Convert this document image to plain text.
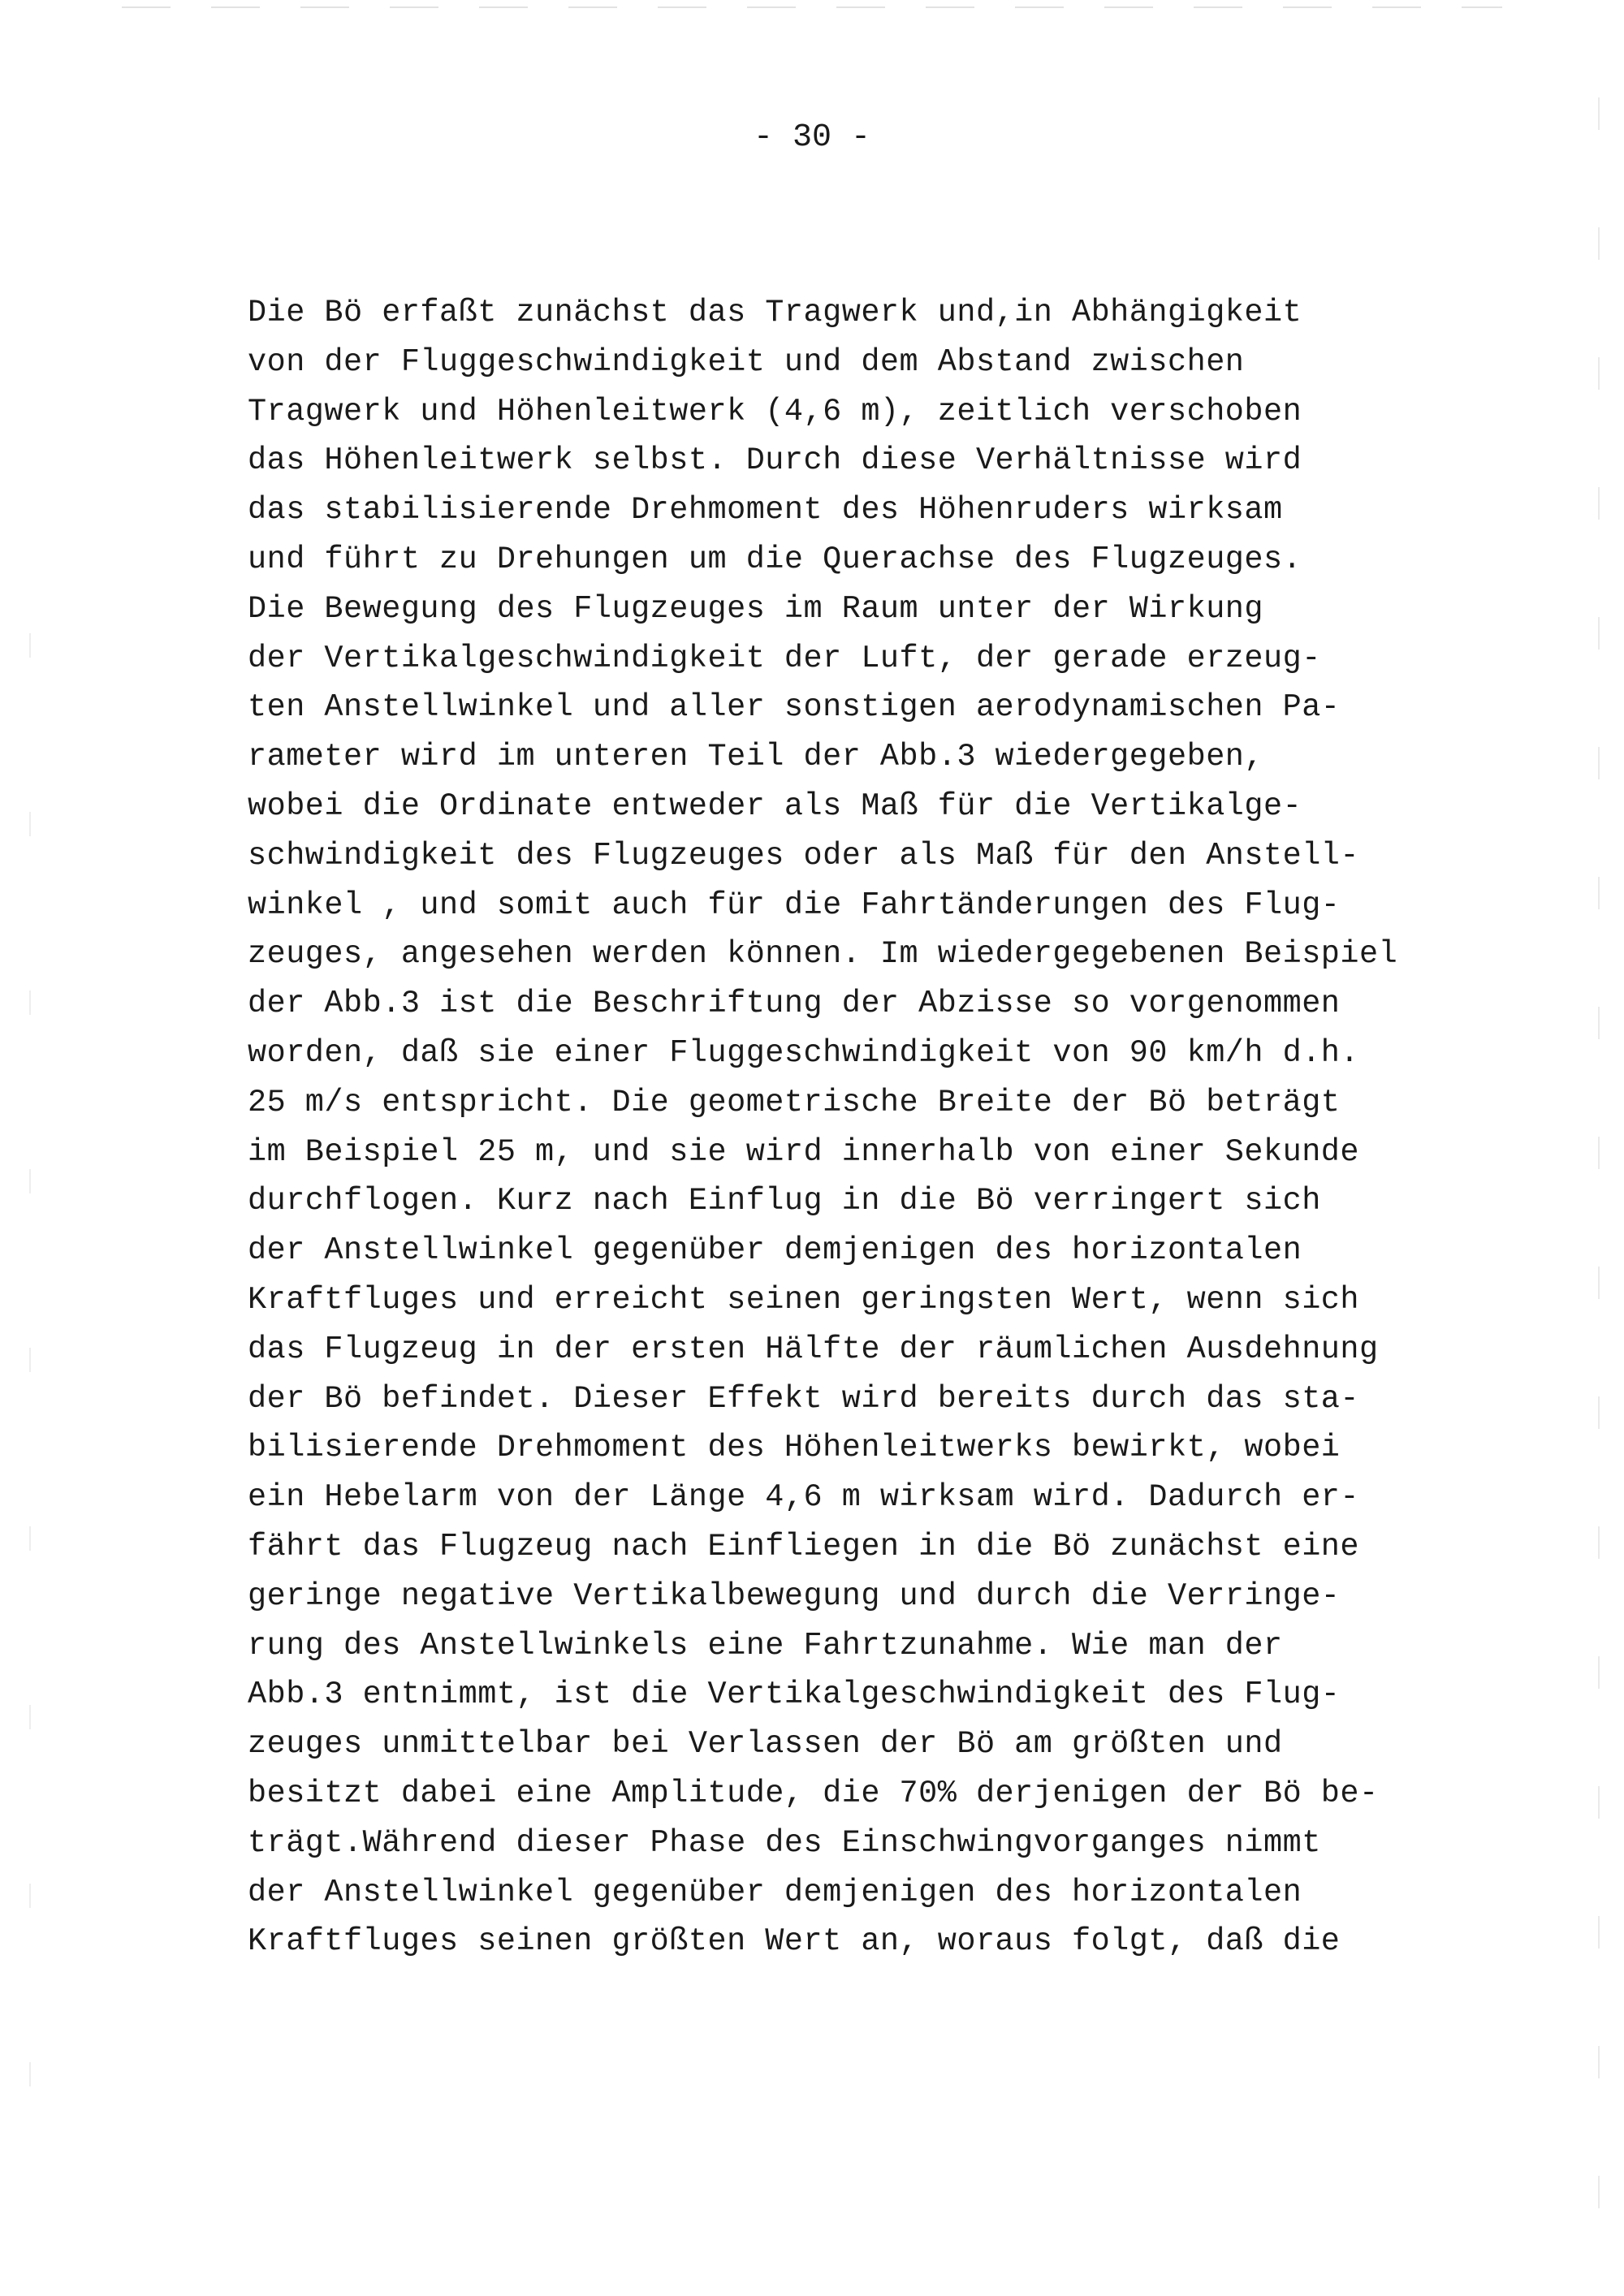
- 30 -
Die Bö erfaßt zunächst das Tragwerk und,in Abhängigkeit
von der Fluggeschwindigkeit und dem Abstand zwischen
Tragwerk und Höhenleitwerk (4,6 m), zeitlich verschoben
das Höhenleitwerk selbst. Durch diese Verhältnisse wird
das stabilisierende Drehmoment des Höhenruders wirksam
und führt zu Drehungen um die Querachse des Flugzeuges.
Die Bewegung des Flugzeuges im Raum unter der Wirkung
der Vertikalgeschwindigkeit der Luft, der gerade erzeug-
ten Anstellwinkel und aller sonstigen aerodynamischen Pa-
rameter wird im unteren Teil der Abb.3 wiedergegeben,
wobei die Ordinate entweder als Maß für die Vertikalge-
schwindigkeit des Flugzeuges oder als Maß für den Anstell-
winkel , und somit auch für die Fahrtänderungen des Flug-
zeuges, angesehen werden können. Im wiedergegebenen Beispiel
der Abb.3 ist die Beschriftung der Abzisse so vorgenommen
worden, daß sie einer Fluggeschwindigkeit von 90 km/h d.h.
25 m/s entspricht. Die geometrische Breite der Bö beträgt
im Beispiel 25 m, und sie wird innerhalb von einer Sekunde
durchflogen. Kurz nach Einflug in die Bö verringert sich
der Anstellwinkel gegenüber demjenigen des horizontalen
Kraftfluges und erreicht seinen geringsten Wert, wenn sich
das Flugzeug in der ersten Hälfte der räumlichen Ausdehnung
der Bö befindet. Dieser Effekt wird bereits durch das sta-
bilisierende Drehmoment des Höhenleitwerks bewirkt, wobei
ein Hebelarm von der Länge 4,6 m wirksam wird. Dadurch er-
fährt das Flugzeug nach Einfliegen in die Bö zunächst eine
geringe negative Vertikalbewegung und durch die Verringe-
rung des Anstellwinkels eine Fahrtzunahme. Wie man der
Abb.3 entnimmt, ist die Vertikalgeschwindigkeit des Flug-
zeuges unmittelbar bei Verlassen der Bö am größten und
besitzt dabei eine Amplitude, die 70% derjenigen der Bö be-
trägt.Während dieser Phase des Einschwingvorganges nimmt
der Anstellwinkel gegenüber demjenigen des horizontalen
Kraftfluges seinen größten Wert an, woraus folgt, daß die
